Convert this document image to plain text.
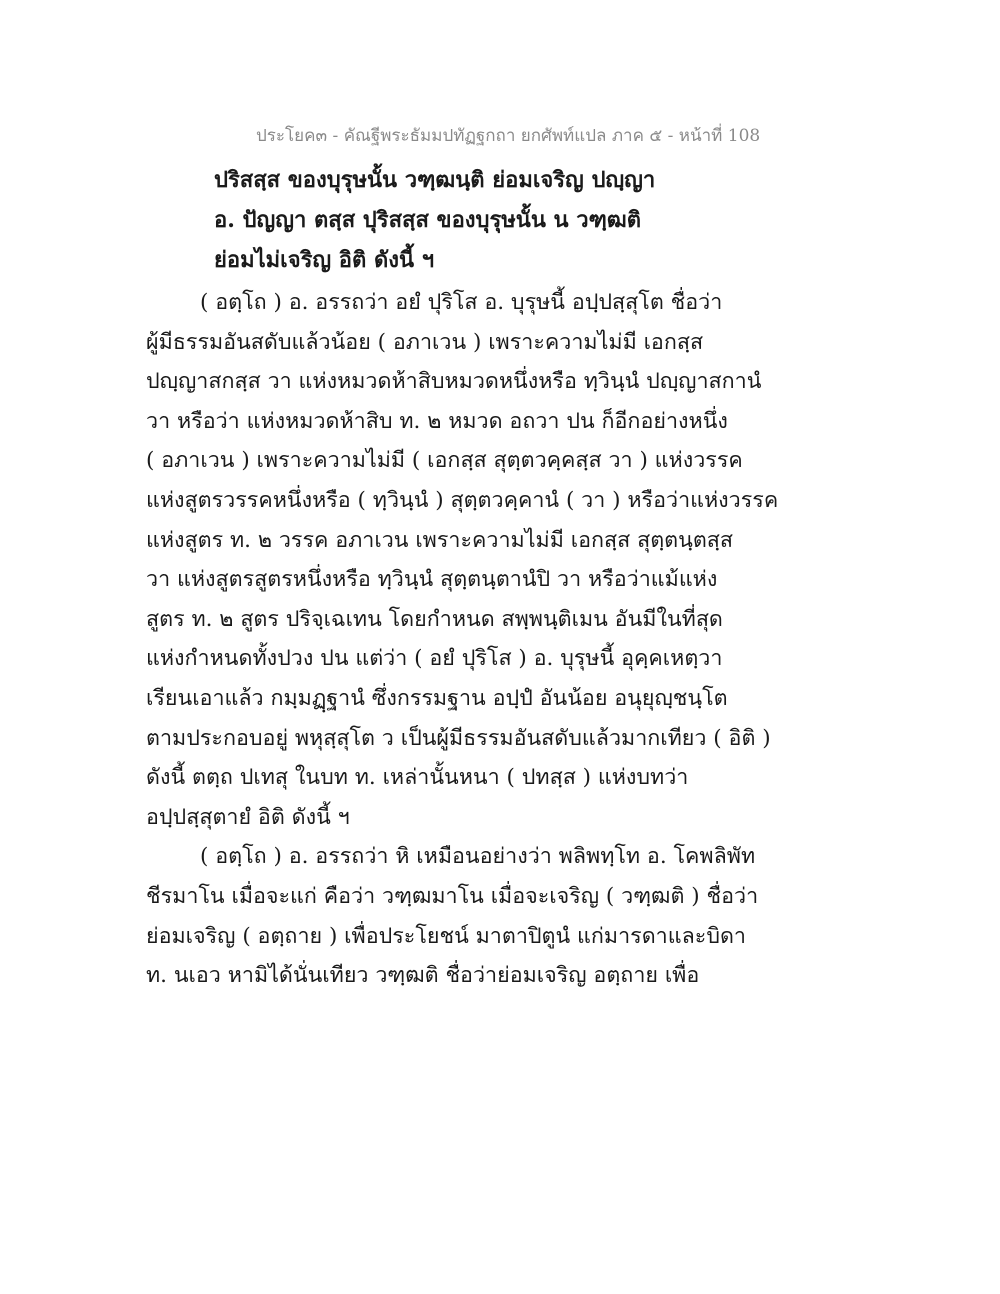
ประโยค๓ - คัณฐีพระธัมมปทัฏฐกถา ยกศัพท์แปล ภาค ๕ - หน้าที่ 108
ปริสสฺส ของบุรุษนั้น วฑฺฒนฺติ ย่อมเจริญ ปญฺญา
อ. ปัญญา ตสฺส ปุริสสฺส ของบุรุษนั้น น วฑฺฒติ
ย่อมไม่เจริญ อิติ ดังนี้ ฯ
( อตฺโถ ) อ. อรรถว่า อยํ ปุริโส อ. บุรุษนี้ อปฺปสฺสุโต ชื่อว่า
ผู้มีธรรมอันสดับแล้วน้อย ( อภาเวน ) เพราะความไม่มี เอกสฺส
ปญฺญาสกสฺส วา แห่งหมวดห้าสิบหมวดหนึ่งหรือ ทฺวินฺนํ ปญฺญาสกานํ
วา หรือว่า แห่งหมวดห้าสิบ ท. ๒ หมวด อถวา ปน ก็อีกอย่างหนึ่ง
( อภาเวน ) เพราะความไม่มี ( เอกสฺส สุตฺตวคฺคสฺส วา ) แห่งวรรค
แห่งสูตรวรรคหนึ่งหรือ ( ทฺวินฺนํ ) สุตฺตวคฺคานํ ( วา ) หรือว่าแห่งวรรค
แห่งสูตร ท. ๒ วรรค อภาเวน เพราะความไม่มี เอกสฺส สุตฺตนฺตสฺส
วา แห่งสูตรสูตรหนึ่งหรือ ทฺวินฺนํ สุตฺตนฺตานํปิ วา หรือว่าแม้แห่ง
สูตร ท. ๒ สูตร ปริจฺเฉเทน โดยกำหนด สพฺพนฺติเมน อันมีในที่สุด
แห่งกำหนดทั้งปวง ปน แต่ว่า ( อยํ ปุริโส ) อ. บุรุษนี้ อุคฺคเหตฺวา
เรียนเอาแล้ว กมฺมฏฺฐานํ ซึ่งกรรมฐาน อปฺปํ อันน้อย อนุยุญฺชนฺโต
ตามประกอบอยู่ พหุสฺสุโต ว เป็นผู้มีธรรมอันสดับแล้วมากเทียว ( อิติ )
ดังนี้ ตตฺถ ปเทสุ ในบท ท. เหล่านั้นหนา ( ปทสฺส ) แห่งบทว่า
อปฺปสฺสุตายํ อิติ ดังนี้ ฯ
( อตฺโถ ) อ. อรรถว่า หิ เหมือนอย่างว่า พลิพทฺโท อ. โคพลิพัท
ชีรมาโน เมื่อจะแก่ คือว่า วฑฺฒมาโน เมื่อจะเจริญ ( วฑฺฒติ ) ชื่อว่า
ย่อมเจริญ ( อตฺถาย ) เพื่อประโยชน์ มาตาปิตูนํ แก่มารดาและบิดา
ท. นเอว หามิได้นั่นเทียว วฑฺฒติ ชื่อว่าย่อมเจริญ อตฺถาย เพื่อ
